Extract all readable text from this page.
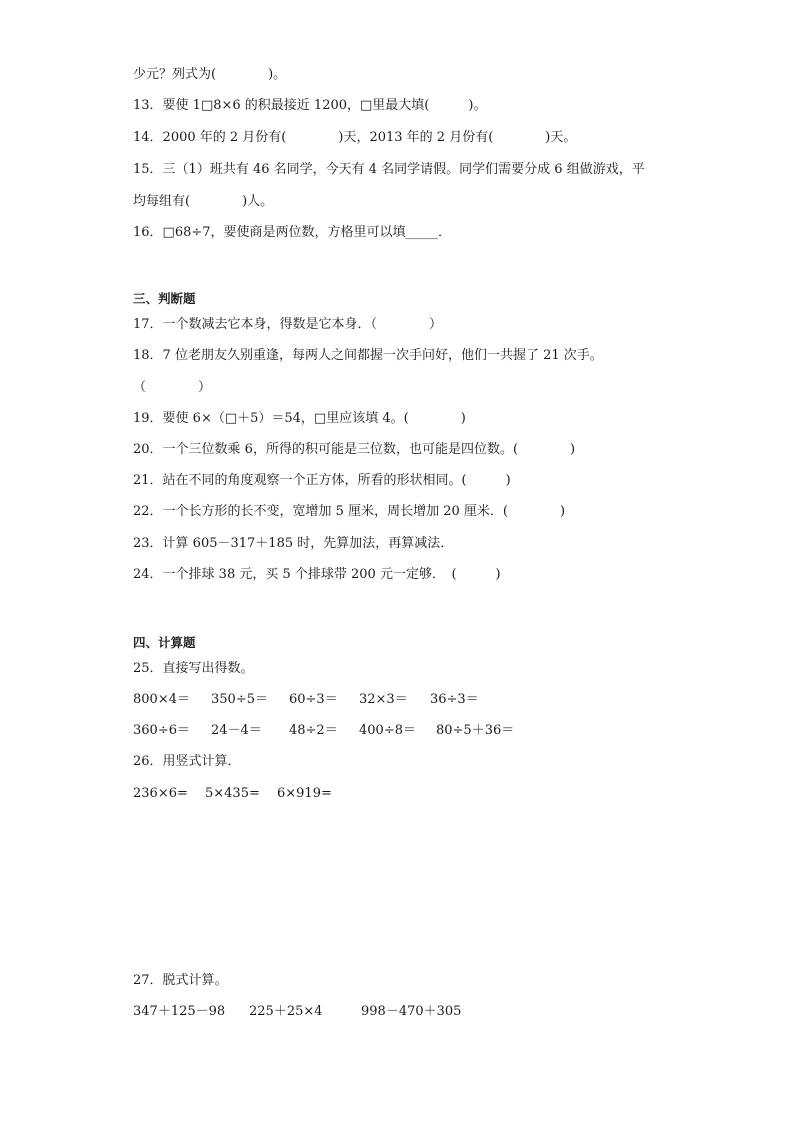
少元？列式为(　　　　)。
13．要使 1□8×6 的积最接近 1200，□里最大填(　　　)。
14．2000 年的 2 月份有(　　　　)天，2013 年的 2 月份有(　　　　)天。
15．三（1）班共有 46 名同学，今天有 4 名同学请假。同学们需要分成 6 组做游戏，平
均每组有(　　　　)人。
16．□68÷7，要使商是两位数，方格里可以填_____．
三、判断题
17．一个数减去它本身，得数是它本身．（　　　　）
18．7 位老朋友久别重逢，每两人之间都握一次手问好，他们一共握了 21 次手。
（　　　　）
19．要使 6×（□＋5）＝54，□里应该填 4。(　　　　)
20．一个三位数乘 6，所得的积可能是三位数，也可能是四位数。(　　　　)
21．站在不同的角度观察一个正方体，所看的形状相同。(　　　)
22．一个长方形的长不变，宽增加 5 厘米，周长增加 20 厘米．(　　　　)
23．计算 605－317＋185 时，先算加法，再算减法．
24．一个排球 38 元，买 5 个排球带 200 元一定够．　(　　　)
四、计算题
25．直接写出得数。
800×4＝ 350÷5＝ 60÷3＝ 32×3＝ 36÷3＝
360÷6＝ 24－4＝ 48÷2＝ 400÷8＝ 80÷5＋36＝
26．用竖式计算．
236×6= 5×435= 6×919=
27．脱式计算。
347＋125－98 225＋25×4	998－470＋305
